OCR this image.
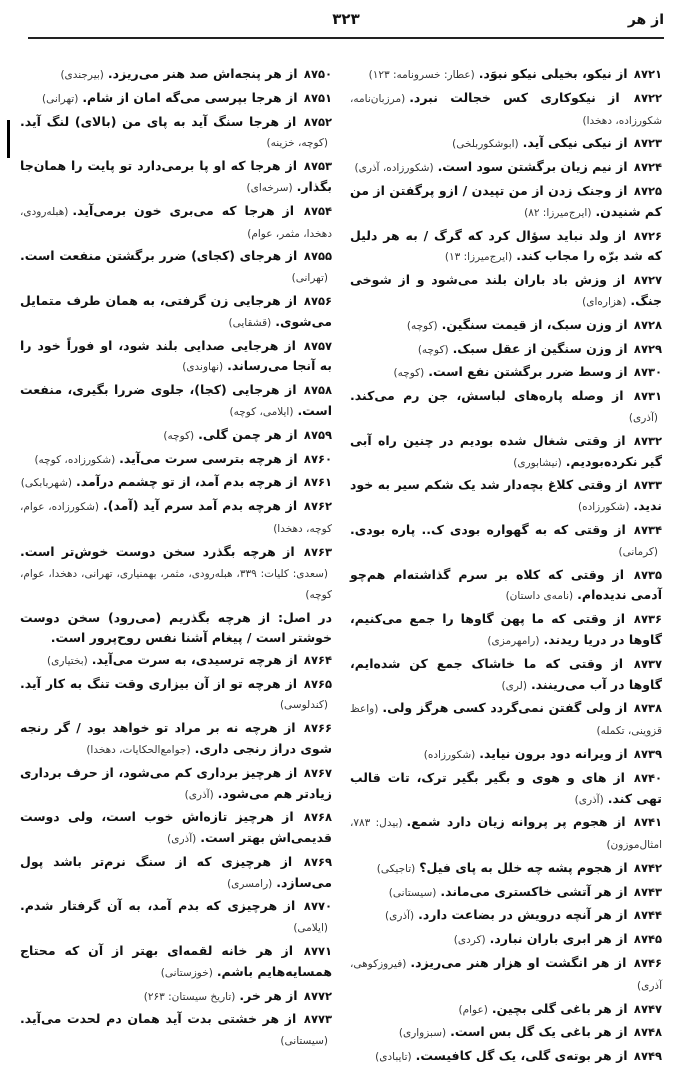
از هر
۳۲۳

۸۷۲۱ از نیکو، بخیلی نیکو نبوَد.(عطار: خسرونامه: ۱۲۳)

۸۷۲۲ از نیکوکاری کس خجالت نبرد.(مرزبان‌نامه، شکورزاده، دهخدا)

۸۷۲۳ از نیکی نیکی آید.(ابوشکوربلخی)

۸۷۲۴ از نیم زیان برگشتن سود است.(شکورزاده، آذری)

۸۷۲۵ از وجنک زدن از من تپیدن / ازو پرگفتن از من کم شنیدن.(ایرج‌میرزا: ۸۲)

۸۷۲۶ از ولد نباید سؤال کرد که گرگ / به هر دلیل که شد برّه را مجاب کند.(ایرج‌میرزا: ۱۳)

۸۷۲۷ از وزش باد باران بلند می‌شود و از شوخی جنگ.(هزاره‌ای)

۸۷۲۸ از وزن سبک، از قیمت سنگین.(کوچه)

۸۷۲۹ از وزن سنگین از عقل سبک.(کوچه)

۸۷۳۰ از وسط ضرر برگشتن نفع است.(کوچه)

۸۷۳۱ از وصله پاره‌های لباسش، جن رم می‌کند.(آذری)

۸۷۳۲ از وقتی شغال شده بودیم در چنین راه آبی گیر نکرده‌بودیم.(نیشابوری)

۸۷۳۳ از وقتی کلاغ بچه‌دار شد یک شکم سیر به خود ندید.(شکورزاده)

۸۷۳۴ از وقتی که به گهواره بودی ک.. پاره بودی.(کرمانی)

۸۷۳۵ از وقتی که کلاه بر سرم گذاشته‌ام هم‌چو آدمی ندیده‌ام.(نامه‌ی داستان)

۸۷۳۶ از وقتی که ما پهن گاوها را جمع می‌کنیم، گاوها در دریا ریدند.(رامهرمزی)

۸۷۳۷ از وقتی که ما خاشاک جمع کن شده‌ایم، گاوها در آب می‌رینند.(لری)

۸۷۳۸ از ولی گفتن نمی‌گردد کسی هرگز ولی.(واعظ قزوینی، تکمله)

۸۷۳۹ از ویرانه دود برون نیاید.(شکورزاده)

۸۷۴۰ از های و هوی و بگیر بگیر ترک، تات قالب تهی کند.(آذری)

۸۷۴۱ از هجوم پر پروانه زیان دارد شمع.(بیدل: ۷۸۳، امثال‌موزون)

۸۷۴۲ از هجوم پشه چه خلل به پای فیل؟(تاجیکی)

۸۷۴۳ از هر آتشی خاکستری می‌ماند.(سیستانی)

۸۷۴۴ از هر آنچه درویش در بضاعت دارد.(آذری)

۸۷۴۵ از هر ابری باران نبارد.(کردی)

۸۷۴۶ از هر انگشت او هزار هنر می‌ریزد.(فیروزکوهی، آذری)

۸۷۴۷ از هر باغی گلی بچین.(عوام)

۸۷۴۸ از هر باغی یک گل بس است.(سبزواری)

۸۷۴۹ از هر بوته‌ی گلی، یک گل کافیست.(تایبادی)

۸۷۵۰ از هر پنجه‌اش صد هنر می‌ریزد.(بیرجندی)

۸۷۵۱ از هرجا بپرسی می‌گه امان از شام.(تهرانی)

۸۷۵۲ از هرجا سنگ آید به پای من (بالای) لنگ آید.(کوچه، خزینه)

۸۷۵۳ از هرجا که او پا برمی‌دارد تو پایت را همان‌جا بگذار.(سرخه‌ای)

۸۷۵۴ از هرجا که می‌بری خون برمی‌آید.(هبله‌رودی، دهخدا، مثمر، عوام)

۸۷۵۵ از هرجای (کجای) ضرر برگشتن منفعت است.(تهرانی)

۸۷۵۶ از هرجایی زن گرفتی، به همان طرف متمایل می‌شوی.(قشقایی)

۸۷۵۷ از هرجایی صدایی بلند شود، او فوراً خود را به آنجا می‌رساند.(نهاوندی)

۸۷۵۸ از هرجایی (کجا)، جلوی ضررا بگیری، منفعت است.(ایلامی، کوچه)

۸۷۵۹ از هر چمن گلی.(کوچه)

۸۷۶۰ از هرچه بترسی سرت می‌آید.(شکورزاده، کوچه)

۸۷۶۱ از هرچه بدم آمد، از تو چشمم درآمد.(شهربابکی)

۸۷۶۲ از هرچه بدم آمد سرم آید (آمد).(شکورزاده، عوام، کوچه، دهخدا)

۸۷۶۳ از هرچه بگذرد سخن دوست خوش‌تر است.(سعدی: کلیات: ۳۳۹، هبله‌رودی، مثمر، بهمنیاری، تهرانی، دهخدا، عوام، کوچه)

در اصل: از هرچه بگذریم (می‌رود) سخن دوست خوشتر است / پیغام آشنا نفس روح‌پرور است.

۸۷۶۴ از هرچه ترسیدی، به سرت می‌آید.(بختیاری)

۸۷۶۵ از هرچه تو از آن بیزاری وقت تنگ به کار آید.(کندلوسی)

۸۷۶۶ از هرچه نه بر مراد تو خواهد بود / گر رنجه شوی دراز رنجی داری.(جوامع‌الحکایات، دهخدا)

۸۷۶۷ از هرچیز برداری کم می‌شود، از حرف برداری زیادتر هم می‌شود.(آذری)

۸۷۶۸ از هرچیز تازه‌اش خوب است، ولی دوست قدیمی‌اش بهتر است.(آذری)

۸۷۶۹ از هرچیزی که از سنگ نرم‌تر باشد پول می‌سازد.(رامسری)

۸۷۷۰ از هرچیزی که بدم آمد، به آن گرفتار شدم.(ایلامی)

۸۷۷۱ از هر خانه لقمه‌ای بهتر از آن که محتاج همسایه‌هایم باشم.(خوزستانی)

۸۷۷۲ از هر خر.(تاریخ سیستان: ۲۶۳)

۸۷۷۳ از هر خشتی بدت آید همان دم لحدت می‌آید.(سیستانی)
